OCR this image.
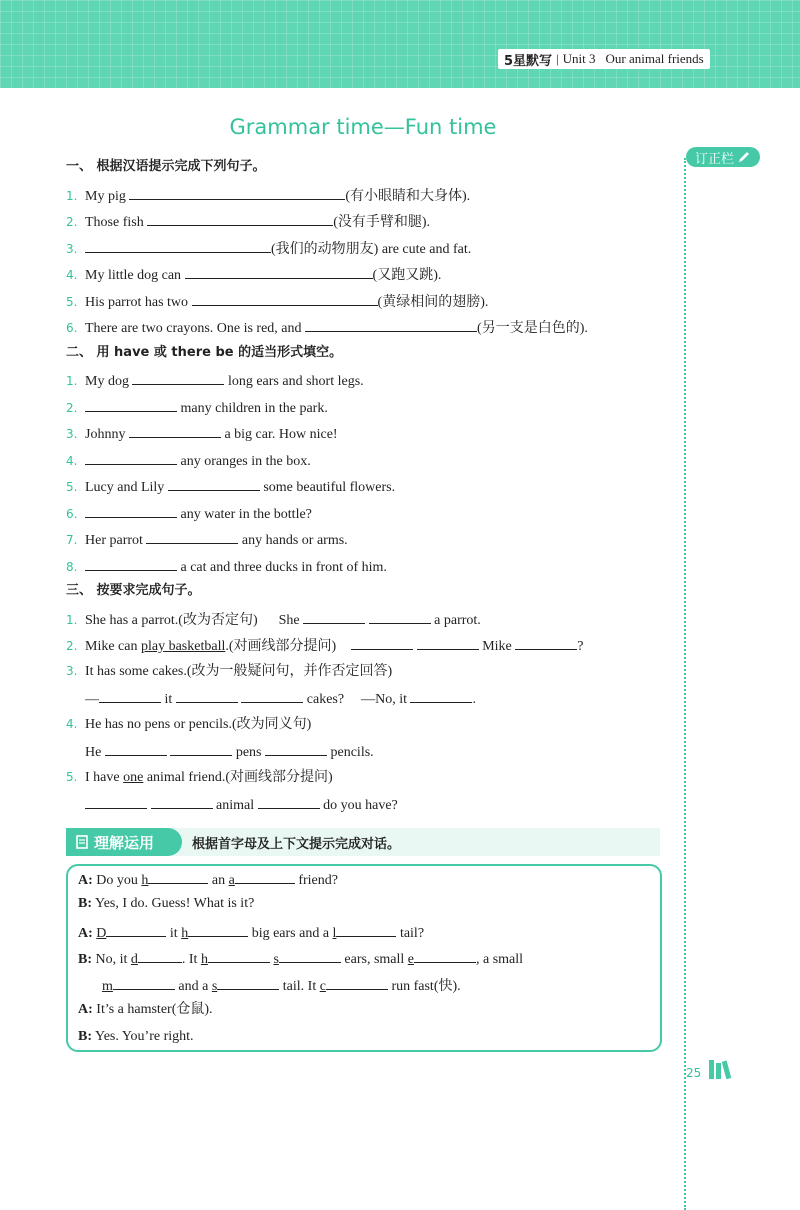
5星默写 | Unit 3 Our animal friends
Grammar time—Fun time
订正栏
一、 根据汉语提示完成下列句子。
1. My pig	(有小眼睛和大身体).
2. Those fish	(没有手臂和腿).
3.	(我们的动物朋友) are cute and fat.
4. My little dog can	(又跑又跳).
5. His parrot has two	(黄绿相间的翅膀).
6. There are two crayons. One is red, and	(另一支是白色的).
二、 用 have 或 there be 的适当形式填空。
1. My dog	long ears and short legs.
2.	many children in the park.
3. Johnny	a big car. How nice!
4.	any oranges in the box.
5. Lucy and Lily	some beautiful flowers.
6.	any water in the bottle?
7. Her parrot	any hands or arms.
8.	a cat and three ducks in front of him.
三、 按要求完成句子。
1. She has a parrot.(改为否定句) She	a parrot.
2. Mike can play basketball.(对画线部分提问)	Mike	?
3. It has some cakes.(改为一般疑问句，并作否定回答)
—	it	cakes? —No, it	.
4. He has no pens or pencils.(改为同义句)
He	pens	pencils.
5. I have one animal friend.(对画线部分提问)
animal	do you have?
理解运用	根据首字母及上下文提示完成对话。
A: Do you h	an a	friend?
B: Yes, I do. Guess! What is it?
A: D	it h	big ears and a l	tail?
B: No, it d	. It h	s	ears, small e	, a small
m	and a s	tail. It c	run fast(快).
A: It’s a hamster(仓鼠).
B: Yes. You’re right.
25
